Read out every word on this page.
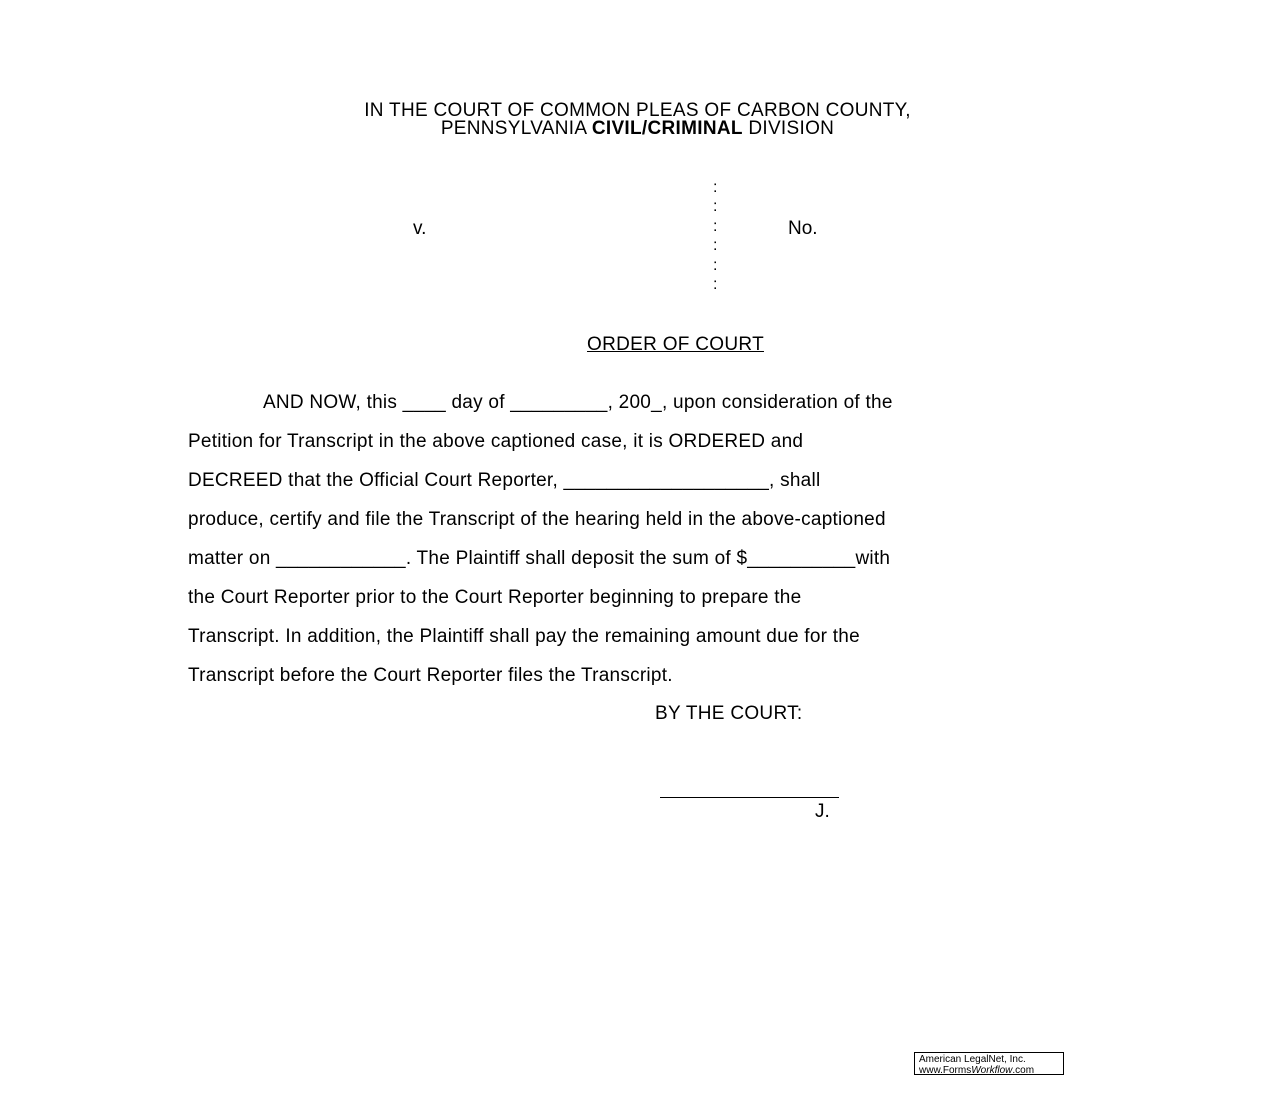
IN THE COURT OF COMMON PLEAS OF CARBON COUNTY,
PENNSYLVANIA CIVIL/CRIMINAL DIVISION
v.
:
:
:
:
:
:
No.
ORDER OF COURT
AND NOW, this ____ day of _________, 200_, upon consideration of the
Petition for Transcript in the above captioned case, it is ORDERED and
DECREED that the Official Court Reporter, ___________________, shall
produce, certify and file the Transcript of the hearing held in the above-captioned
matter on ____________. The Plaintiff shall deposit the sum of $__________with
the Court Reporter prior to the Court Reporter beginning to prepare the
Transcript. In addition, the Plaintiff shall pay the remaining amount due for the
Transcript before the Court Reporter files the Transcript.
BY THE COURT:
J.
American LegalNet, Inc.
www.FormsWorkflow.com
